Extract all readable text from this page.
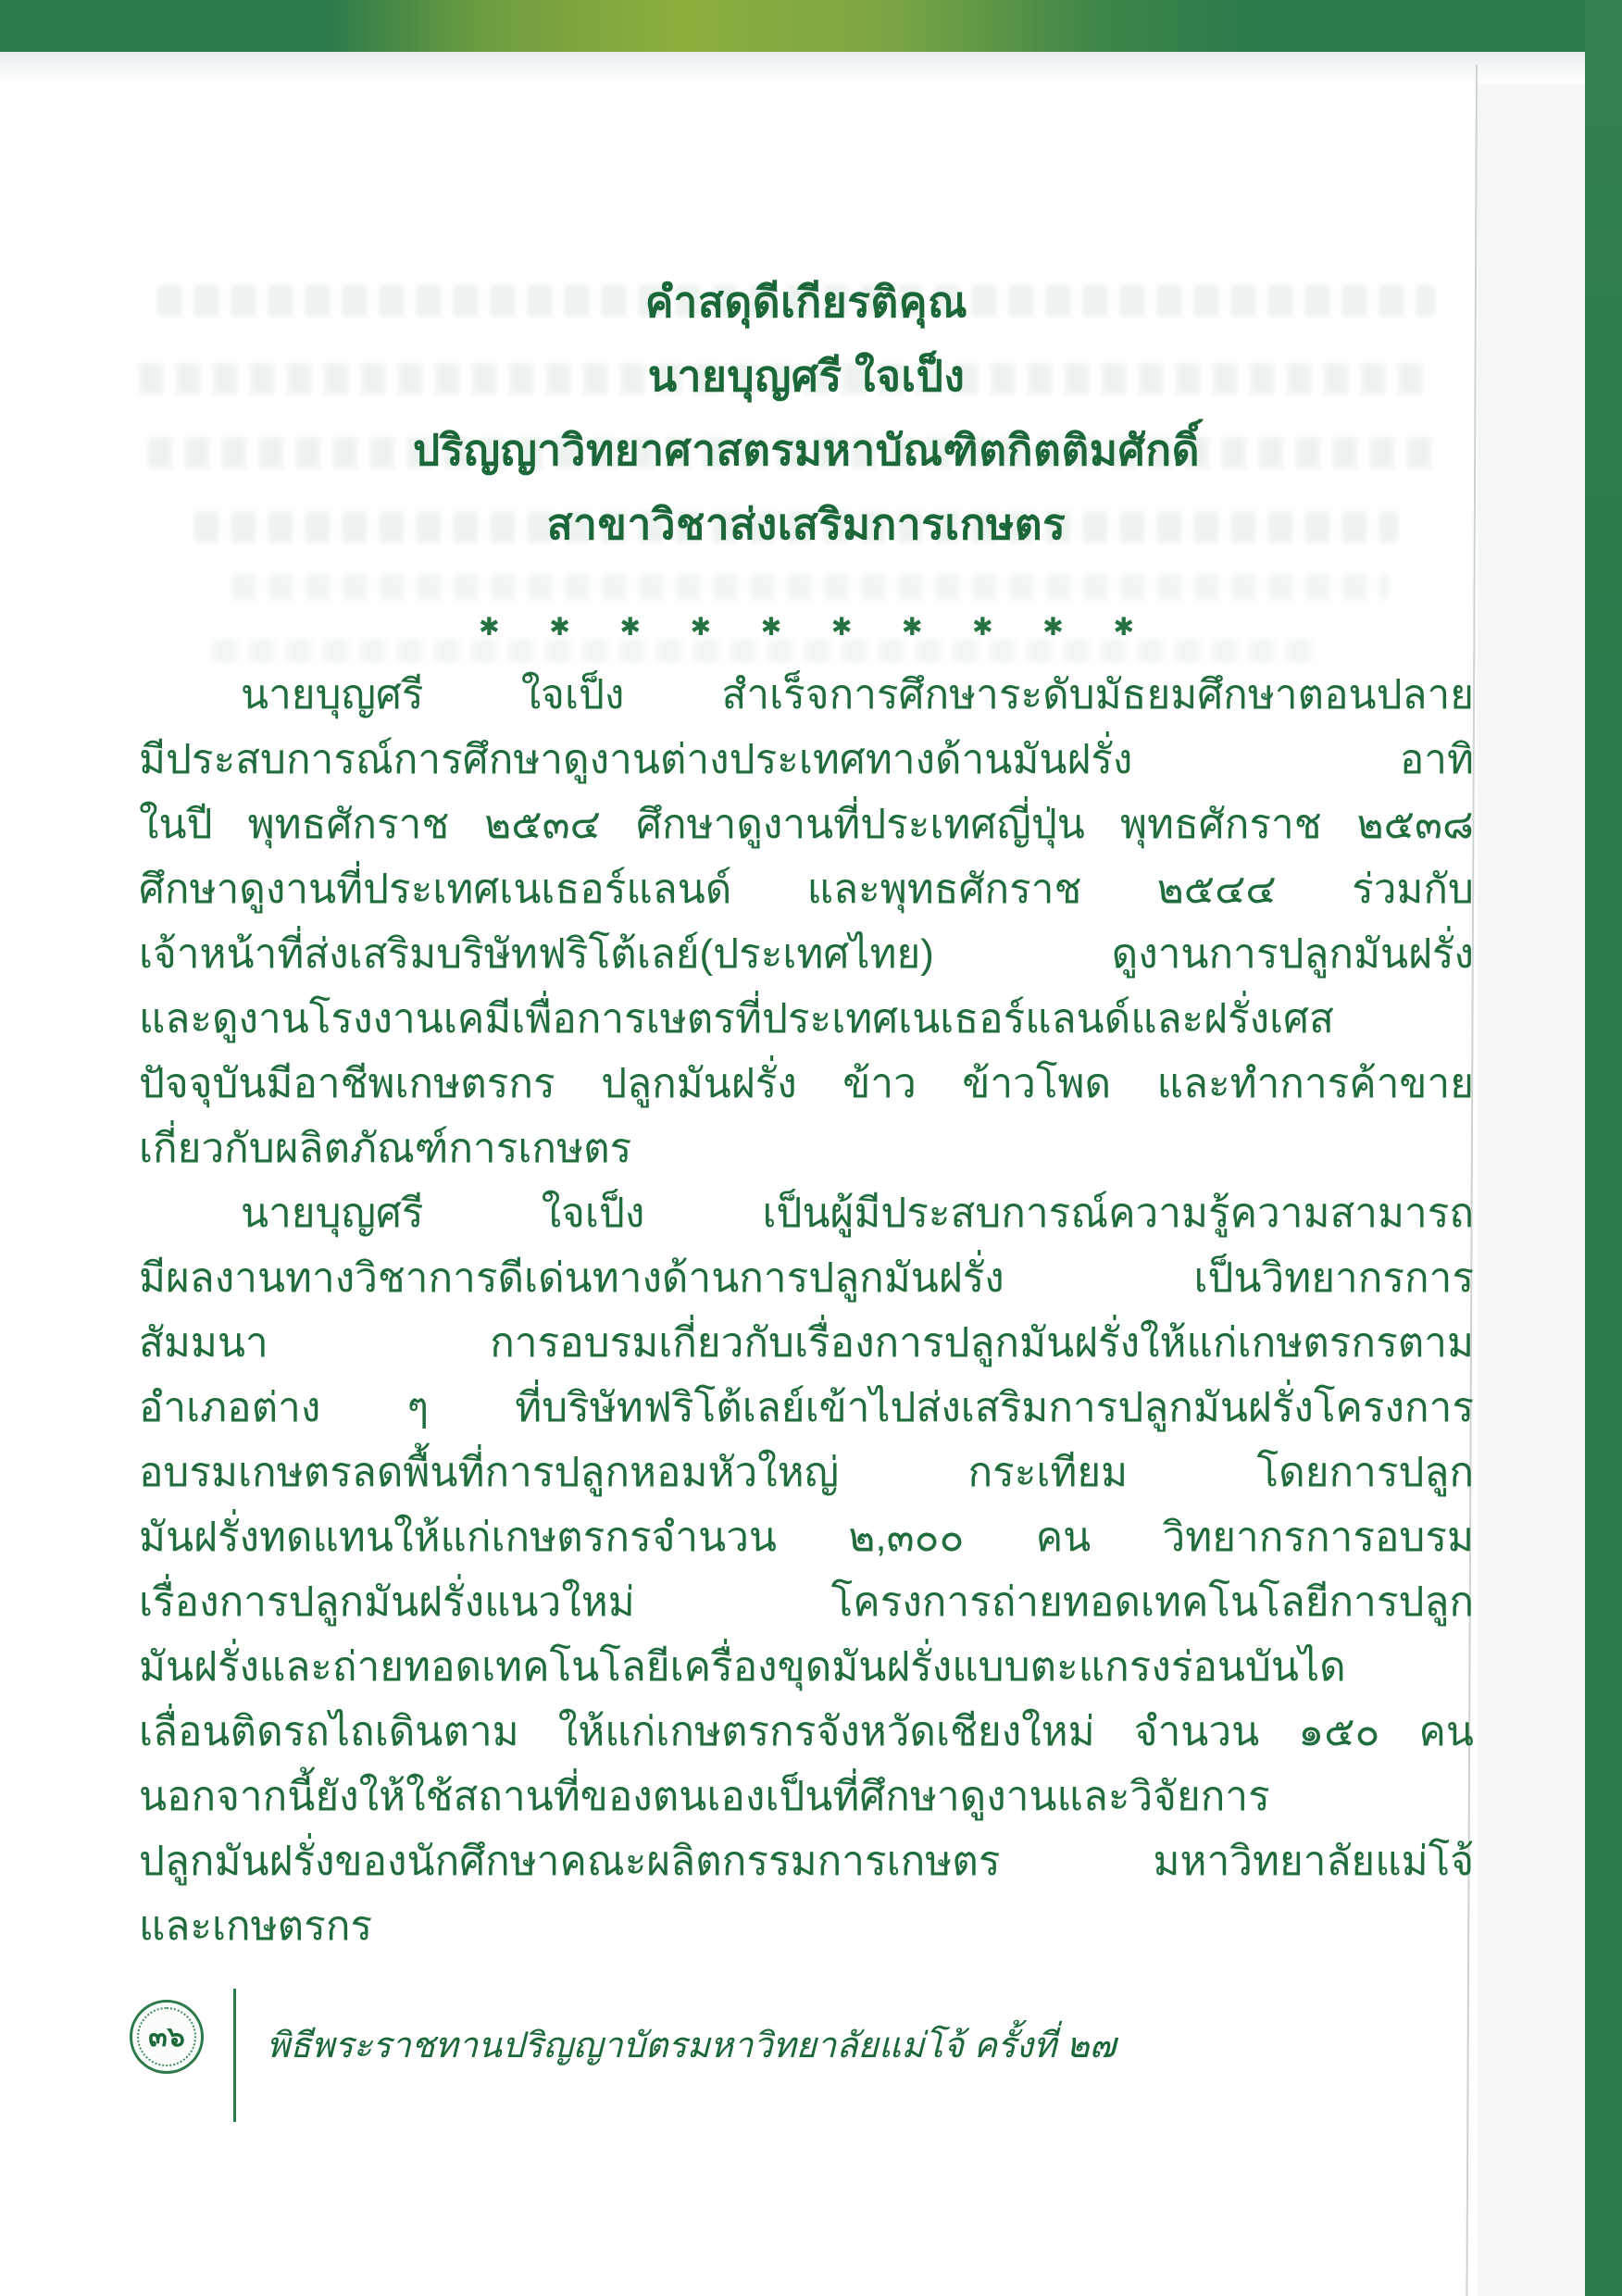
คำสดุดีเกียรติคุณ
นายบุญศรี ใจเป็ง
ปริญญาวิทยาศาสตรมหาบัณฑิตกิตติมศักดิ์
สาขาวิชาส่งเสริมการเกษตร
✱ ✱ ✱ ✱ ✱ ✱ ✱ ✱ ✱ ✱
นายบุญศรี ใจเป็ง สำเร็จการศึกษาระดับมัธยมศึกษาตอนปลาย
มีประสบการณ์การศึกษาดูงานต่างประเทศทางด้านมันฝรั่ง อาทิ
ในปี พุทธศักราช ๒๕๓๔ ศึกษาดูงานที่ประเทศญี่ปุ่น พุทธศักราช ๒๕๓๘
ศึกษาดูงานที่ประเทศเนเธอร์แลนด์ และพุทธศักราช ๒๕๔๔ ร่วมกับ
เจ้าหน้าที่ส่งเสริมบริษัทฟริโต้เลย์(ประเทศไทย) ดูงานการปลูกมันฝรั่ง
และดูงานโรงงานเคมีเพื่อการเษตรที่ประเทศเนเธอร์แลนด์และฝรั่งเศส
ปัจจุบันมีอาชีพเกษตรกร ปลูกมันฝรั่ง ข้าว ข้าวโพด และทำการค้าขาย
เกี่ยวกับผลิตภัณฑ์การเกษตร
นายบุญศรี ใจเป็ง เป็นผู้มีประสบการณ์ความรู้ความสามารถ
มีผลงานทางวิชาการดีเด่นทางด้านการปลูกมันฝรั่ง เป็นวิทยากรการ
สัมมนา การอบรมเกี่ยวกับเรื่องการปลูกมันฝรั่งให้แก่เกษตรกรตาม
อำเภอต่าง ๆ ที่บริษัทฟริโต้เลย์เข้าไปส่งเสริมการปลูกมันฝรั่งโครงการ
อบรมเกษตรลดพื้นที่การปลูกหอมหัวใหญ่ กระเทียม โดยการปลูก
มันฝรั่งทดแทนให้แก่เกษตรกรจำนวน ๒,๓๐๐ คน วิทยากรการอบรม
เรื่องการปลูกมันฝรั่งแนวใหม่ โครงการถ่ายทอดเทคโนโลยีการปลูก
มันฝรั่งและถ่ายทอดเทคโนโลยีเครื่องขุดมันฝรั่งแบบตะแกรงร่อนบันได
เลื่อนติดรถไถเดินตาม ให้แก่เกษตรกรจังหวัดเชียงใหม่ จำนวน ๑๕๐ คน
นอกจากนี้ยังให้ใช้สถานที่ของตนเองเป็นที่ศึกษาดูงานและวิจัยการ
ปลูกมันฝรั่งของนักศึกษาคณะผลิตกรรมการเกษตร มหาวิทยาลัยแม่โจ้
และเกษตรกร
๓๖ พิธีพระราชทานปริญญาบัตรมหาวิทยาลัยแม่โจ้ ครั้งที่ ๒๗
